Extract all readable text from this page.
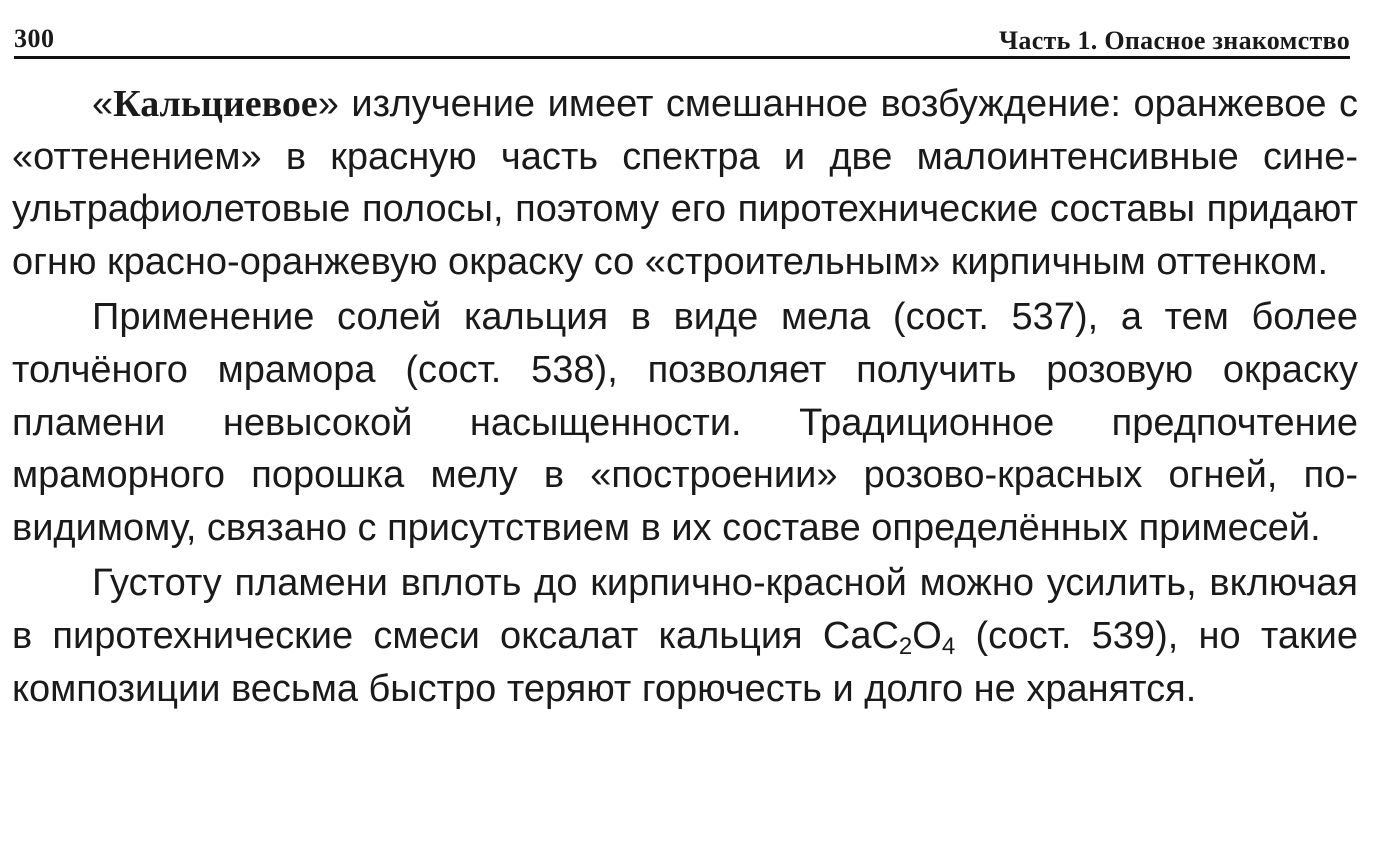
300	Часть 1. Опасное знакомство

«Кальциевое» излучение имеет смешанное возбуждение: оранжевое с «оттенением» в красную часть спектра и две малоинтенсивные сине-ультрафиолетовые полосы, поэтому его пиротехнические составы придают огню красно-оранжевую окраску со «строительным» кирпичным оттенком.

Применение солей кальция в виде мела (сост. 537), а тем более толчёного мрамора (сост. 538), позволяет получить розовую окраску пламени невысокой насыщенности. Традиционное предпочтение мраморного порошка мелу в «построении» розово-красных огней, по-видимому, связано с присутствием в их составе определённых примесей.

Густоту пламени вплоть до кирпично-красной можно усилить, включая в пиротехнические смеси оксалат кальция $CaC_2O_4$ (сост. 539), но такие композиции весьма быстро теряют горючесть и долго не хранятся.
